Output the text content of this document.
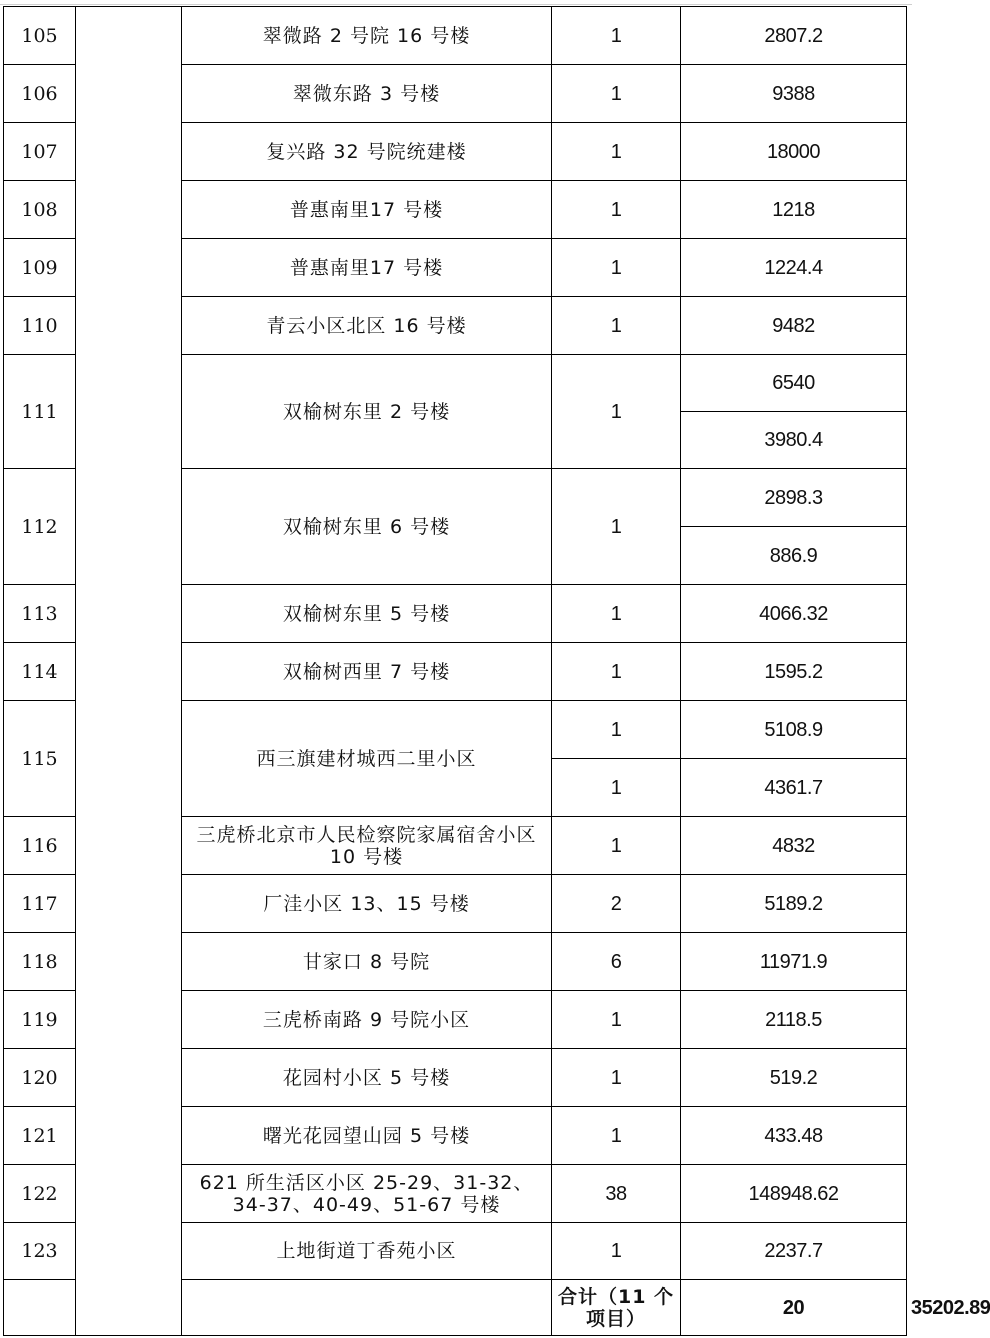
105		翠微路 2 号院 16 号楼	1	2807.2	
106		翠微东路 3 号楼	1	9388	
107		复兴路 32 号院统建楼	1	18000	
108		普惠南里17 号楼	1	1218	
109		普惠南里17 号楼	1	1224.4	
110		青云小区北区 16 号楼	1	9482	
111		双榆树东里 2 号楼	1	6540	
				3980.4	
112		双榆树东里 6 号楼	1	2898.3	
				886.9	
113		双榆树东里 5 号楼	1	4066.32	
114		双榆树西里 7 号楼	1	1595.2	
115		西三旗建材城西二里小区	1	5108.9	
			1	4361.7	
116		三虎桥北京市人民检察院家属宿舍小区 10 号楼	1	4832	
117		厂洼小区 13、15 号楼	2	5189.2	
118		甘家口 8 号院	6	11971.9	
119		三虎桥南路 9 号院小区	1	2118.5	
120		花园村小区 5 号楼	1	519.2	
121		曙光花园望山园 5 号楼	1	433.48	
122		621 所生活区小区 25-29、31-32、34-37、40-49、51-67 号楼	38	148948.62	
123		上地街道丁香苑小区	1	2237.7	
			合计（11 个项目）	20	35202.89
